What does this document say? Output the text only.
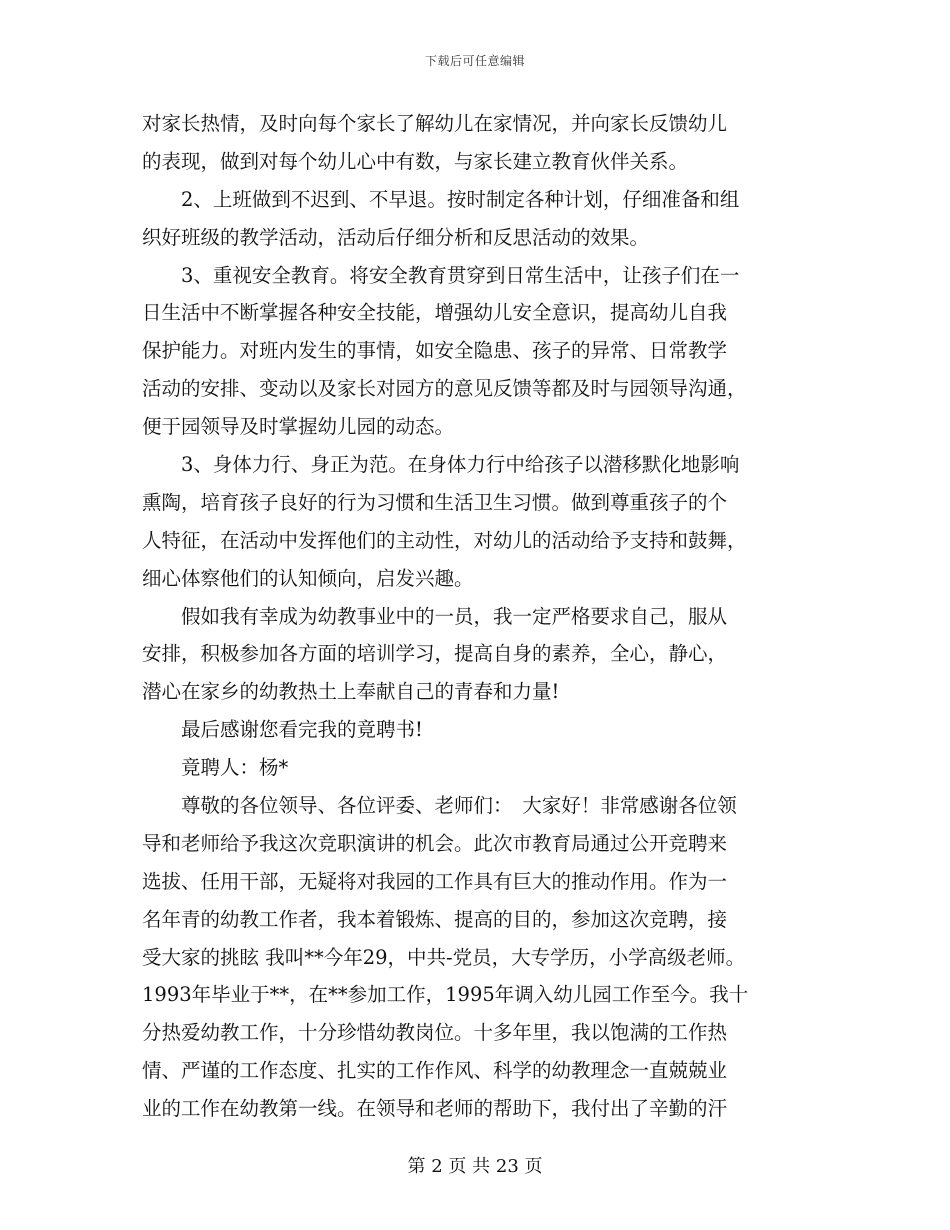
下载后可任意编辑
对家长热情，及时向每个家长了解幼儿在家情况，并向家长反馈幼儿
的表现，做到对每个幼儿心中有数，与家长建立教育伙伴关系。
　　2、上班做到不迟到、不早退。按时制定各种计划，仔细准备和组
织好班级的教学活动，活动后仔细分析和反思活动的效果。
　　3、重视安全教育。将安全教育贯穿到日常生活中，让孩子们在一
日生活中不断掌握各种安全技能，增强幼儿安全意识，提高幼儿自我
保护能力。对班内发生的事情，如安全隐患、孩子的异常、日常教学
活动的安排、变动以及家长对园方的意见反馈等都及时与园领导沟通，
便于园领导及时掌握幼儿园的动态。
　　3、身体力行、身正为范。在身体力行中给孩子以潜移默化地影响
熏陶，培育孩子良好的行为习惯和生活卫生习惯。做到尊重孩子的个
人特征，在活动中发挥他们的主动性，对幼儿的活动给予支持和鼓舞，
细心体察他们的认知倾向，启发兴趣。
　　假如我有幸成为幼教事业中的一员，我一定严格要求自己，服从
安排，积极参加各方面的培训学习，提高自身的素养，全心，静心，
潜心在家乡的幼教热土上奉献自己的青春和力量!
　　最后感谢您看完我的竟聘书!
　　竟聘人：杨*
　　尊敬的各位领导、各位评委、老师们：　大家好！非常感谢各位领
导和老师给予我这次竞职演讲的机会。此次市教育局通过公开竞聘来
选拔、任用干部，无疑将对我园的工作具有巨大的推动作用。作为一
名年青的幼教工作者，我本着锻炼、提高的目的，参加这次竞聘，接
受大家的挑眩 我叫**今年29，中共-党员，大专学历，小学高级老师。
1993年毕业于**，在**参加工作，1995年调入幼儿园工作至今。我十
分热爱幼教工作，十分珍惜幼教岗位。十多年里，我以饱满的工作热
情、严谨的工作态度、扎实的工作作风、科学的幼教理念一直兢兢业
业的工作在幼教第一线。在领导和老师的帮助下，我付出了辛勤的汗
第 2 页 共 23 页
